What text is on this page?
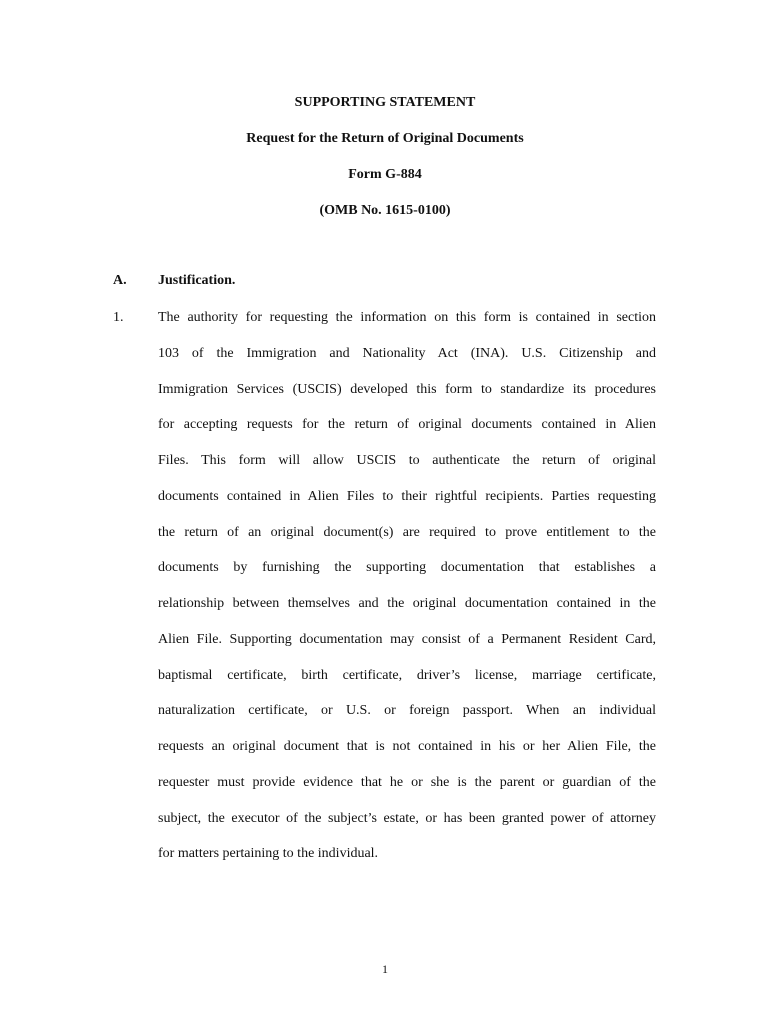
SUPPORTING STATEMENT
Request for the Return of Original Documents
Form G-884
(OMB No. 1615-0100)
A. Justification.
1. The authority for requesting the information on this form is contained in section
103 of the Immigration and Nationality Act (INA). U.S. Citizenship and
Immigration Services (USCIS) developed this form to standardize its procedures
for accepting requests for the return of original documents contained in Alien
Files. This form will allow USCIS to authenticate the return of original
documents contained in Alien Files to their rightful recipients. Parties requesting
the return of an original document(s) are required to prove entitlement to the
documents by furnishing the supporting documentation that establishes a
relationship between themselves and the original documentation contained in the
Alien File. Supporting documentation may consist of a Permanent Resident Card,
baptismal certificate, birth certificate, driver’s license, marriage certificate,
naturalization certificate, or U.S. or foreign passport. When an individual
requests an original document that is not contained in his or her Alien File, the
requester must provide evidence that he or she is the parent or guardian of the
subject, the executor of the subject’s estate, or has been granted power of attorney
for matters pertaining to the individual.
1
